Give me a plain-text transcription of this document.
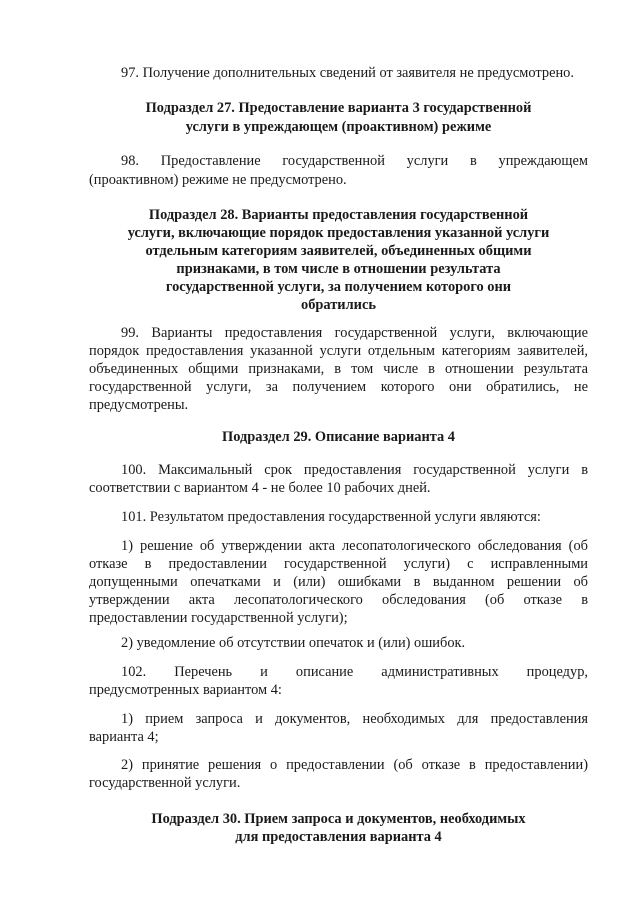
97. Получение дополнительных сведений от заявителя не предусмотрено.
Подраздел 27. Предоставление варианта 3 государственной
услуги в упреждающем (проактивном) режиме
98. Предоставление государственной услуги в упреждающем
(проактивном) режиме не предусмотрено.
Подраздел 28. Варианты предоставления государственной
услуги, включающие порядок предоставления указанной услуги
отдельным категориям заявителей, объединенных общими
признаками, в том числе в отношении результата
государственной услуги, за получением которого они
обратились
99. Варианты предоставления государственной услуги, включающие
порядок предоставления указанной услуги отдельным категориям заявителей,
объединенных общими признаками, в том числе в отношении результата
государственной услуги, за получением которого они обратились, не
предусмотрены.
Подраздел 29. Описание варианта 4
100. Максимальный срок предоставления государственной услуги в
соответствии с вариантом 4 - не более 10 рабочих дней.
101. Результатом предоставления государственной услуги являются:
1) решение об утверждении акта лесопатологического обследования (об
отказе в предоставлении государственной услуги) с исправленными
допущенными опечатками и (или) ошибками в выданном решении об
утверждении акта лесопатологического обследования (об отказе в
предоставлении государственной услуги);
2) уведомление об отсутствии опечаток и (или) ошибок.
102. Перечень и описание административных процедур,
предусмотренных вариантом 4:
1) прием запроса и документов, необходимых для предоставления
варианта 4;
2) принятие решения о предоставлении (об отказе в предоставлении)
государственной услуги.
Подраздел 30. Прием запроса и документов, необходимых
для предоставления варианта 4
